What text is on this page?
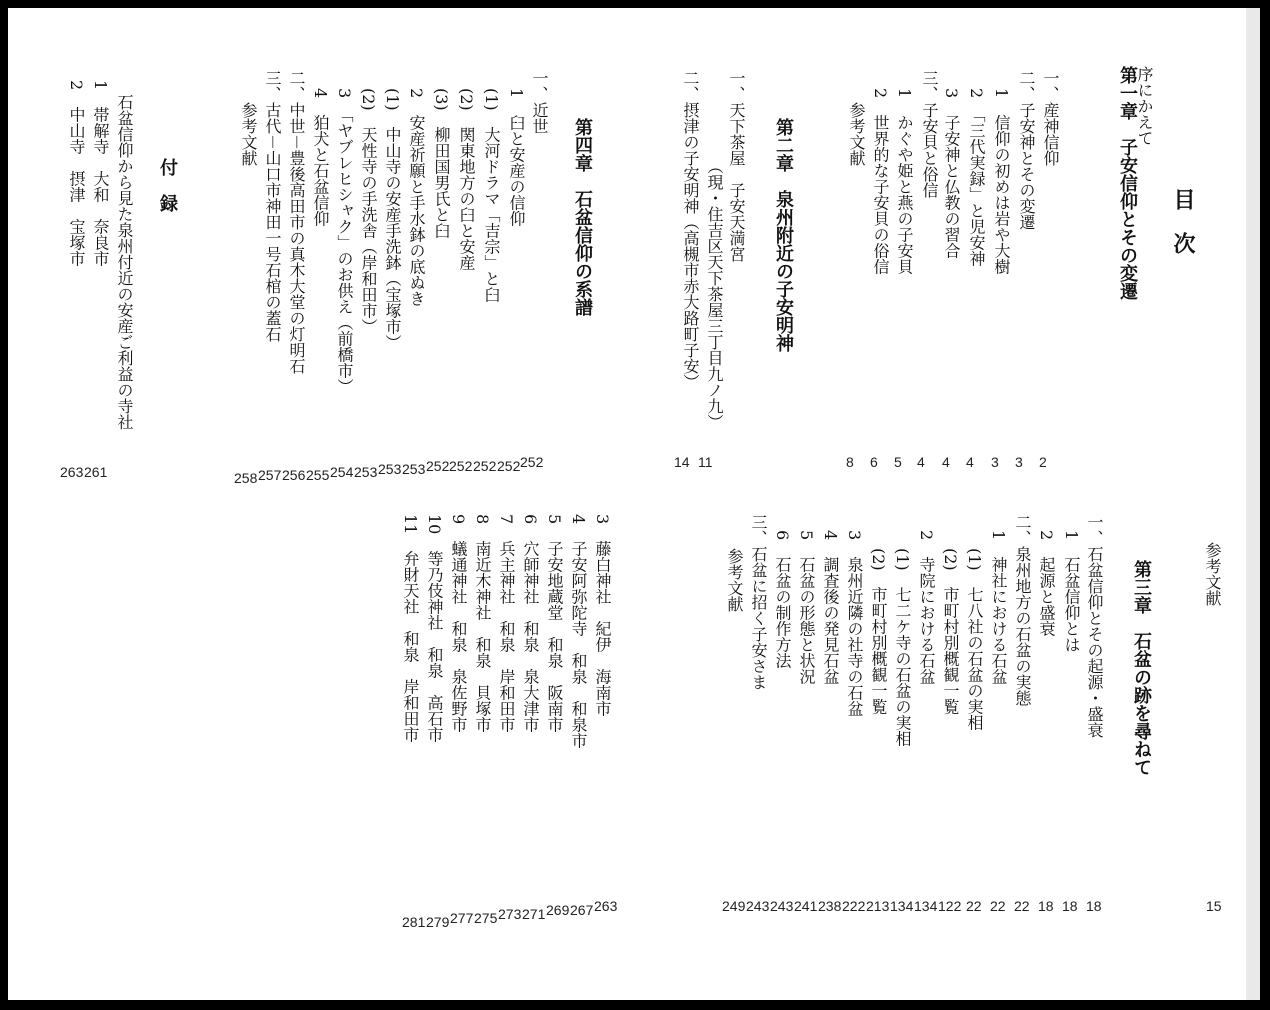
目　次
序にかえて
第一章　子安信仰とその変遷
一、産神信仰
二、子安神とその変遷
1　信仰の初めは岩や大樹
2　「三代実録」と児安神
3　子安神と仏教の習合
三、子安貝と俗信
1　かぐや姫と燕の子安貝
2　世界的な子安貝の俗信
参考文献
第二章　泉州附近の子安明神
一、天下茶屋　子安天満宮
（現・住吉区天下茶屋三丁目九ノ九）
二、摂津の子安明神（高槻市赤大路町子安）
第四章　石盆信仰の系譜
一、近世
1　臼と安産の信仰
(1)　大河ドラマ「吉宗」と臼
(2)　関東地方の臼と安産
(3)　柳田国男氏と臼
2　安産祈願と手水鉢の底ぬき
(1)　中山寺の安産手洗鉢（宝塚市）
(2)　天性寺の手洗舎（岸和田市）
3　「ヤブレヒシャク」のお供え（前橋市）
4　狛犬と石盆信仰
二、中世－豊後高田市の真木大堂の灯明石
三、古代－山口市神田一号石棺の蓋石
参考文献
付　録
石盆信仰から見た泉州付近の安産ご利益の寺社
1　帯解寺　大和　奈良市
2　中山寺　摂津　宝塚市
2
3
3
4
4
4
5
6
8
11
14
252
252
252
252
252
253
253
253
254
255
256
257
258
261
263
参考文献
第三章　石盆の跡を尋ねて
一、石盆信仰とその起源・盛衰
1　石盆信仰とは
2　起源と盛衰
二、泉州地方の石盆の実態
1　神社における石盆
(1)　七八社の石盆の実相
(2)　市町村別概観一覧
2　寺院における石盆
(1)　七二ケ寺の石盆の実相
(2)　市町村別概観一覧
3　泉州近隣の社寺の石盆
4　調査後の発見石盆
5　石盆の形態と状況
6　石盆の制作方法
三、石盆に招く子安さま
参考文献
3　藤白神社　紀伊　海南市
4　子安阿弥陀寺　和泉　和泉市
5　子安地蔵堂　和泉　阪南市
6　穴師神社　和泉　泉大津市
7　兵主神社　和泉　岸和田市
8　南近木神社　和泉　貝塚市
9　蟻通神社　和泉　泉佐野市
10　等乃伎神社　和泉　高石市
11　弁財天社　和泉　岸和田市
15
18
18
18
22
22
22
122
134
134
213
222
238
241
243
243
249
263
267
269
271
273
275
277
279
281
